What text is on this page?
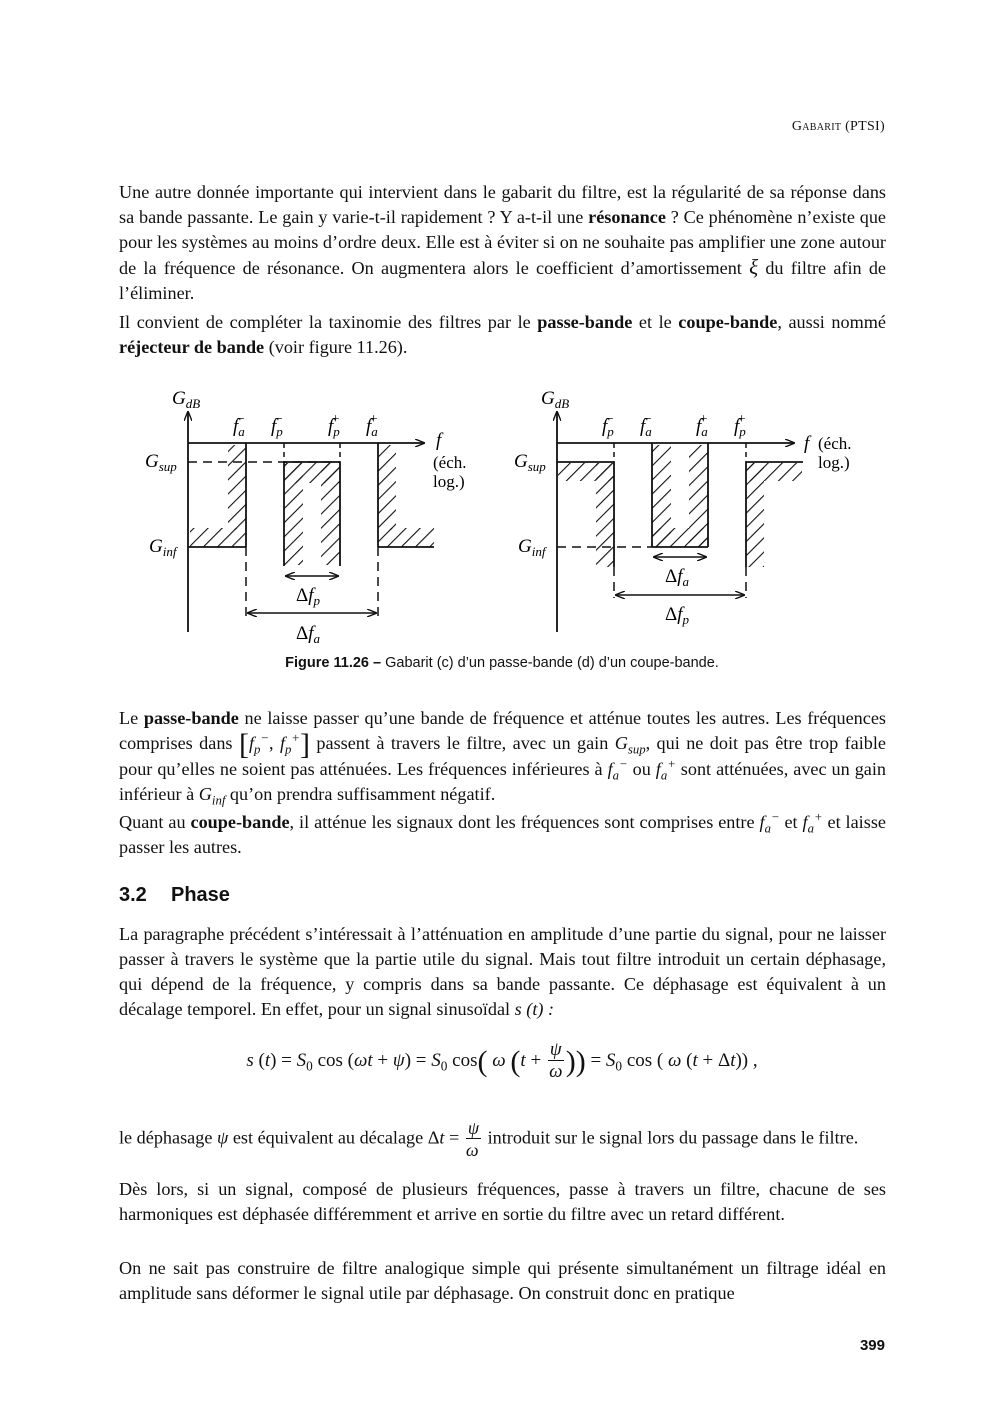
Gabarit (PTSI)
Une autre donnée importante qui intervient dans le gabarit du filtre, est la régularité de sa réponse dans sa bande passante. Le gain y varie-t-il rapidement ? Y a-t-il une résonance ? Ce phénomène n’existe que pour les systèmes au moins d’ordre deux. Elle est à éviter si on ne souhaite pas amplifier une zone autour de la fréquence de résonance. On augmentera alors le coefficient d’amortissement ξ du filtre afin de l’éliminer.
Il convient de compléter la taxinomie des filtres par le passe-bande et le coupe-bande, aussi nommé réjecteur de bande (voir figure 11.26).
$G_{dB}$
$G_{sup}$
$G_{inf}$
$f_a- f_p- f_p+ f_a+$
f
(éch.
log.)
$\Delta f_p$
$\Delta f_a$
$G_{dB}$
$G_{sup}$
$G_{inf}$
$f_p- f_a- f_a+ f_p+$
f (éch.
log.)
$\Delta f_a$
$\Delta f_p$
Figure 11.26 – Gabarit (c) d’un passe-bande (d) d’un coupe-bande.
Le passe-bande ne laisse passer qu’une bande de fréquence et atténue toutes les autres. Les fréquences comprises dans [$f_p^-$, $f_p^+$] passent à travers le filtre, avec un gain $G_{sup}$, qui ne doit pas être trop faible pour qu’elles ne soient pas atténuées. Les fréquences inférieures à $f_a^-$ ou $f_a^+$ sont atténuées, avec un gain inférieur à $G_{inf}$ qu’on prendra suffisamment négatif.
Quant au coupe-bande, il atténue les signaux dont les fréquences sont comprises entre $f_a^-$ et $f_a^+$ et laisse passer les autres.
3.2 Phase
La paragraphe précédent s’intéressait à l’atténuation en amplitude d’une partie du signal, pour ne laisser passer à travers le système que la partie utile du signal. Mais tout filtre introduit un certain déphasage, qui dépend de la fréquence, y compris dans sa bande passante. Ce déphasage est équivalent à un décalage temporel. En effet, pour un signal sinusoïdal s (t) :
s $(t) = S_0$ $\cos (\omega t + \psi) = S_0$ cos( ω ($t + \frac{\psi}{\omega}$ )) = $S_0$ cos ( ω (t + Δt)) ,
le déphasage ψ est équivalent au décalage $\Delta t = \frac{\psi}{\omega}$ introduit sur le signal lors du passage dans le filtre.
Dès lors, si un signal, composé de plusieurs fréquences, passe à travers un filtre, chacune de ses harmoniques est déphasée différemment et arrive en sortie du filtre avec un retard différent.
On ne sait pas construire de filtre analogique simple qui présente simultanément un filtrage idéal en amplitude sans déformer le signal utile par déphasage. On construit donc en pratique
399
